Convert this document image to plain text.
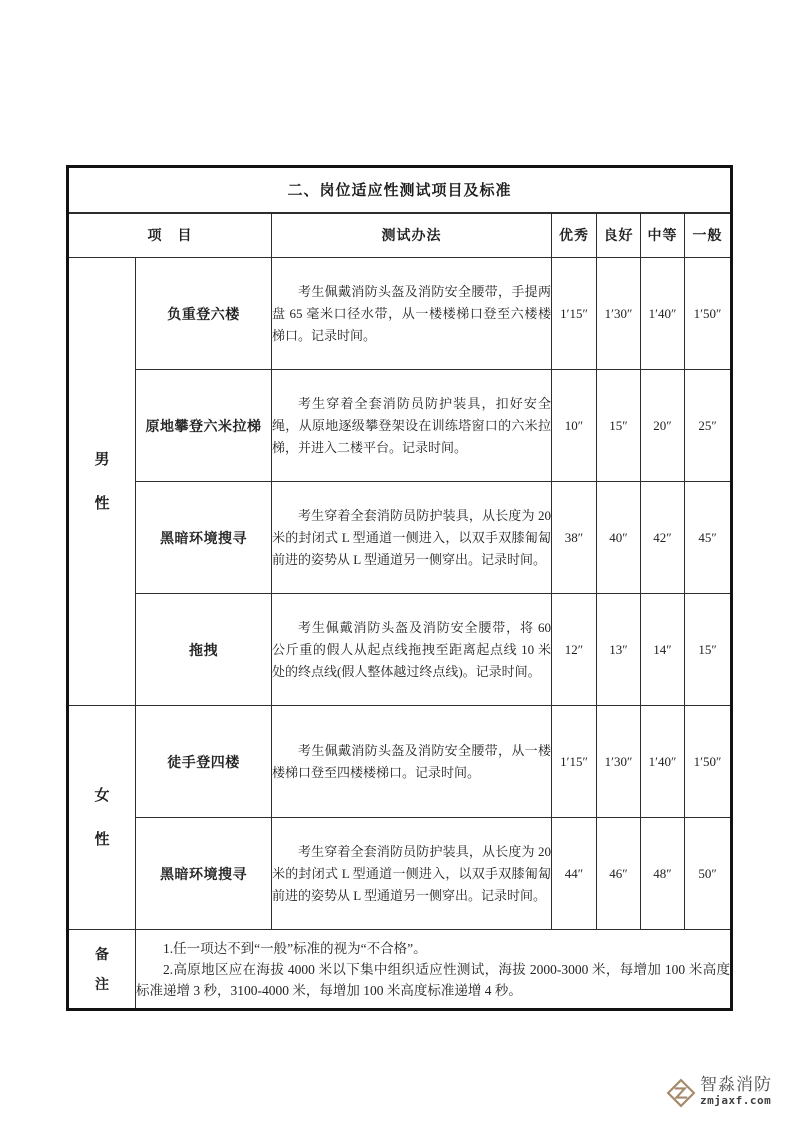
二、岗位适应性测试项目及标准						
项　目		测试办法	优秀	良好	中等	一般

男性	负重登六楼	考生佩戴消防头盔及消防安全腰带，手提两盘 65 毫米口径水带，从一楼楼梯口登至六楼楼梯口。记录时间。	1′15″	1′30″	1′40″	1′50″
	原地攀登六米拉梯	考生穿着全套消防员防护装具，扣好安全绳，从原地逐级攀登架设在训练塔窗口的六米拉梯，并进入二楼平台。记录时间。	10″	15″	20″	25″
	黑暗环境搜寻	考生穿着全套消防员防护装具，从长度为 20 米的封闭式 L 型通道一侧进入，以双手双膝匍匐前进的姿势从 L 型通道另一侧穿出。记录时间。	38″	40″	42″	45″
	拖拽	考生佩戴消防头盔及消防安全腰带，将 60 公斤重的假人从起点线拖拽至距离起点线 10 米处的终点线(假人整体越过终点线)。记录时间。	12″	13″	14″	15″

女性	徒手登四楼	考生佩戴消防头盔及消防安全腰带，从一楼楼梯口登至四楼楼梯口。记录时间。	1′15″	1′30″	1′40″	1′50″
	黑暗环境搜寻	考生穿着全套消防员防护装具，从长度为 20 米的封闭式 L 型通道一侧进入，以双手双膝匍匐前进的姿势从 L 型通道另一侧穿出。记录时间。	44″	46″	48″	50″

备注	1.任一项达不到“一般”标准的视为“不合格”。

2.高原地区应在海拔 4000 米以下集中组织适应性测试，海拔 2000-3000 米，每增加 100 米高度标准递增 3 秒，3100-4000 米，每增加 100 米高度标准递增 4 秒。					

智淼消防
zmjaxf.com
